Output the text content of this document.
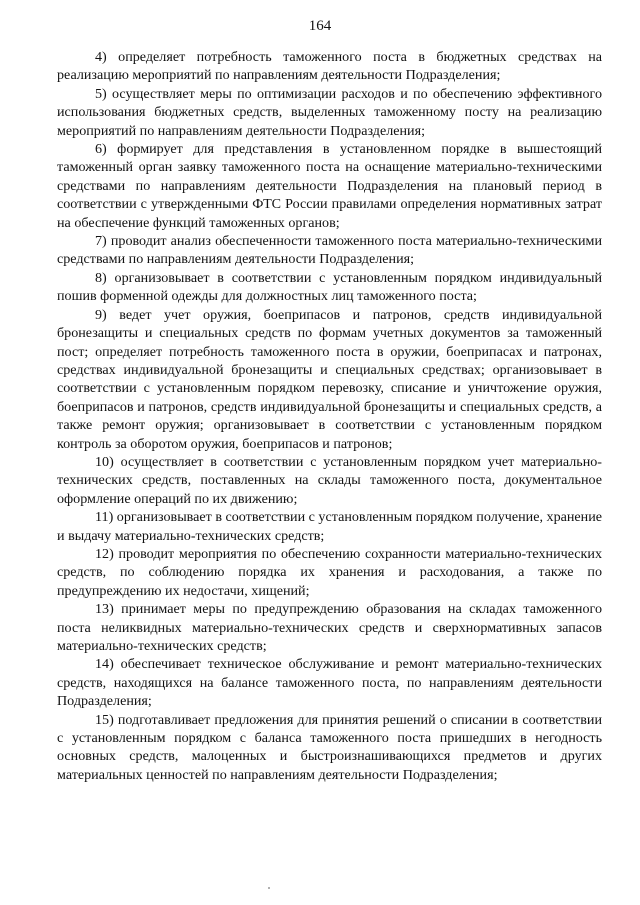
164

4) определяет потребность таможенного поста в бюджетных средствах на реализацию мероприятий по направлениям деятельности Подразделения;

5) осуществляет меры по оптимизации расходов и по обеспечению эффективного использования бюджетных средств, выделенных таможенному посту на реализацию мероприятий по направлениям деятельности Подразделения;

6) формирует для представления в установленном порядке в вышестоящий таможенный орган заявку таможенного поста на оснащение материально-техническими средствами по направлениям деятельности Подразделения на плановый период в соответствии с утвержденными ФТС России правилами определения нормативных затрат на обеспечение функций таможенных органов;

7) проводит анализ обеспеченности таможенного поста материально-техническими средствами по направлениям деятельности Подразделения;

8) организовывает в соответствии с установленным порядком индивидуальный пошив форменной одежды для должностных лиц таможенного поста;

9) ведет учет оружия, боеприпасов и патронов, средств индивидуальной бронезащиты и специальных средств по формам учетных документов за таможенный пост; определяет потребность таможенного поста в оружии, боеприпасах и патронах, средствах индивидуальной бронезащиты и специальных средствах; организовывает в соответствии с установленным порядком перевозку, списание и уничтожение оружия, боеприпасов и патронов, средств индивидуальной бронезащиты и специальных средств, а также ремонт оружия; организовывает в соответствии с установленным порядком контроль за оборотом оружия, боеприпасов и патронов;

10) осуществляет в соответствии с установленным порядком учет материально-технических средств, поставленных на склады таможенного поста, документальное оформление операций по их движению;

11) организовывает в соответствии с установленным порядком получение, хранение и выдачу материально-технических средств;

12) проводит мероприятия по обеспечению сохранности материально-технических средств, по соблюдению порядка их хранения и расходования, а также по предупреждению их недостачи, хищений;

13) принимает меры по предупреждению образования на складах таможенного поста неликвидных материально-технических средств и сверхнормативных запасов материально-технических средств;

14) обеспечивает техническое обслуживание и ремонт материально-технических средств, находящихся на балансе таможенного поста, по направлениям деятельности Подразделения;

15) подготавливает предложения для принятия решений о списании в соответствии с установленным порядком с баланса таможенного поста пришедших в негодность основных средств, малоценных и быстроизнашивающихся предметов и других материальных ценностей по направлениям деятельности Подразделения;
